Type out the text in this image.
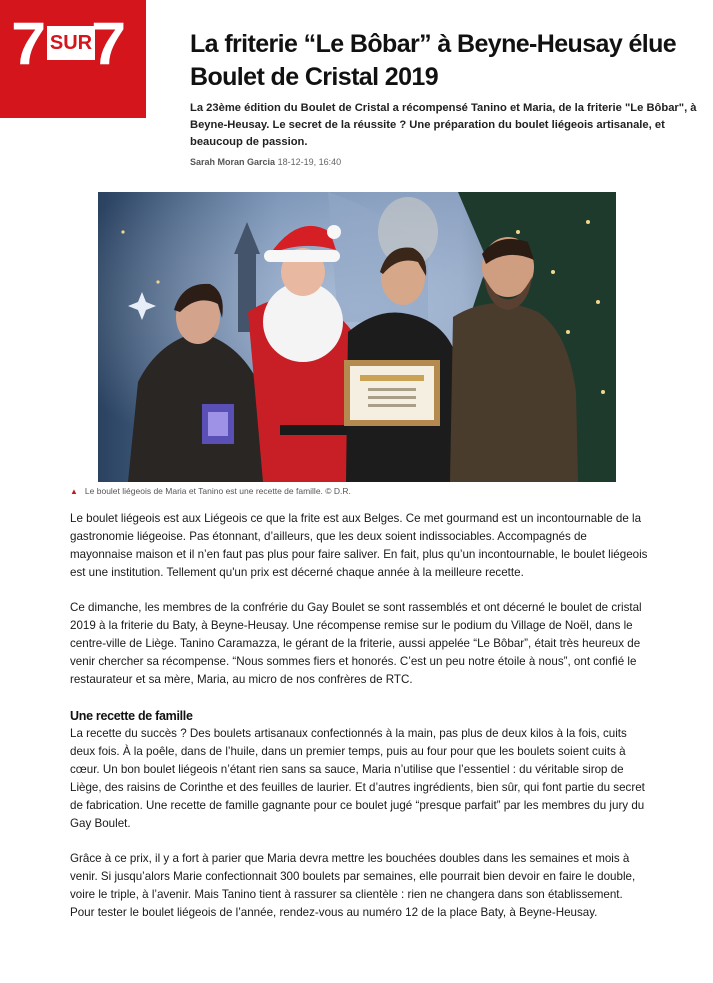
7 SUR 7	La friterie “Le Bôbar” à Beyne-Heusay élue Boulet de Cristal 2019

La 23ème édition du Boulet de Cristal a récompensé Tanino et Maria, de la friterie "Le Bôbar", à Beyne-Heusay. Le secret de la réussite ? Une préparation du boulet liégeois artisanale, et beaucoup de passion.

Sarah Moran Garcia 18-12-19, 16:40
▲ Le boulet liégeois de Maria et Tanino est une recette de famille. © D.R.

Le boulet liégeois est aux Liégeois ce que la frite est aux Belges. Ce met gourmand est un incontournable de la gastronomie liégeoise. Pas étonnant, d’ailleurs, que les deux soient indissociables. Accompagnés de mayonnaise maison et il n’en faut pas plus pour faire saliver. En fait, plus qu’un incontournable, le boulet liégeois est une institution. Tellement qu'un prix est décerné chaque année à la meilleure recette.

Ce dimanche, les membres de la confrérie du Gay Boulet se sont rassemblés et ont décerné le boulet de cristal 2019 à la friterie du Baty, à Beyne-Heusay. Une récompense remise sur le podium du Village de Noël, dans le centre-ville de Liège. Tanino Caramazza, le gérant de la friterie, aussi appelée “Le Bôbar”, était très heureux de venir chercher sa récompense. “Nous sommes fiers et honorés. C’est un peu notre étoile à nous”, ont confié le restaurateur et sa mère, Maria, au micro de nos confrères de RTC.

Une recette de famille

La recette du succès ? Des boulets artisanaux confectionnés à la main, pas plus de deux kilos à la fois, cuits deux fois. À la poêle, dans de l’huile, dans un premier temps, puis au four pour que les boulets soient cuits à cœur. Un bon boulet liégeois n’étant rien sans sa sauce, Maria n’utilise que l’essentiel : du véritable sirop de Liège, des raisins de Corinthe et des feuilles de laurier. Et d’autres ingrédients, bien sûr, qui font partie du secret de fabrication. Une recette de famille gagnante pour ce boulet jugé “presque parfait” par les membres du jury du Gay Boulet.

Grâce à ce prix, il y a fort à parier que Maria devra mettre les bouchées doubles dans les semaines et mois à venir. Si jusqu’alors Marie confectionnait 300 boulets par semaines, elle pourrait bien devoir en faire le double, voire le triple, à l’avenir. Mais Tanino tient à rassurer sa clientèle : rien ne changera dans son établissement. Pour tester le boulet liégeois de l’année, rendez-vous au numéro 12 de la place Baty, à Beyne-Heusay.
